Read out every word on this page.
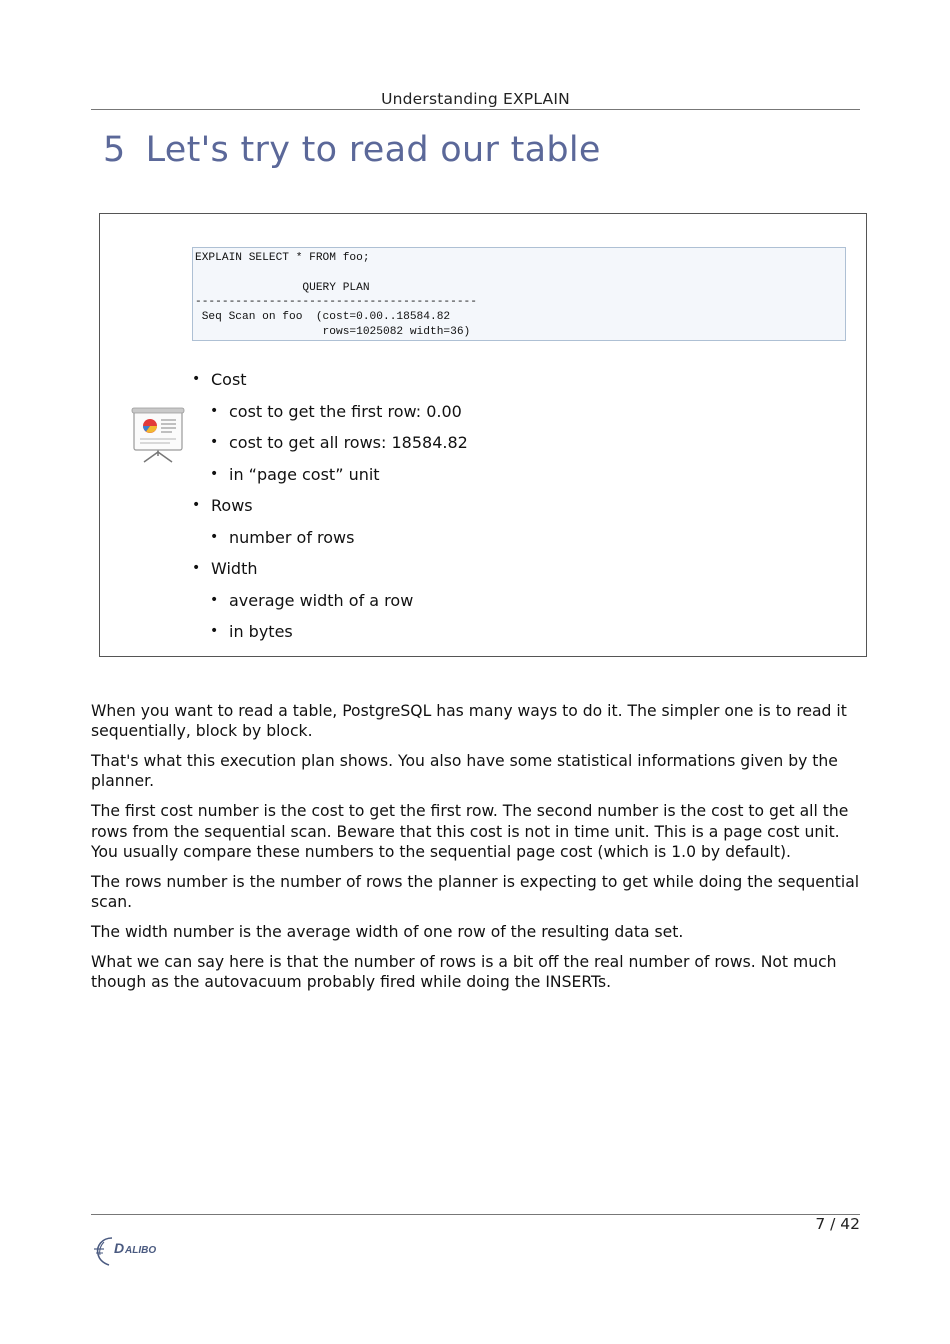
Understanding EXPLAIN
5 Let's try to read our table
EXPLAIN SELECT * FROM foo;

QUERY PLAN
------------------------------------------
Seq Scan on foo  (cost=0.00..18584.82
rows=1025082 width=36)
• Cost
• cost to get the first row: 0.00
• cost to get all rows: 18584.82
• in “page cost” unit
• Rows
• number of rows
• Width
• average width of a row
• in bytes

When you want to read a table, PostgreSQL has many ways to do it. The simpler one is to read it sequentially, block by block.

That's what this execution plan shows. You also have some statistical informations given by the planner.

The first cost number is the cost to get the first row. The second number is the cost to get all the rows from the sequential scan. Beware that this cost is not in time unit. This is a page cost unit. You usually compare these numbers to the sequential page cost (which is 1.0 by default).

The rows number is the number of rows the planner is expecting to get while doing the sequential scan.

The width number is the average width of one row of the resulting data set.

What we can say here is that the number of rows is a bit off the real number of rows. Not much though as the autovacuum probably fired while doing the INSERTs.

7 / 42
D ALIBO
